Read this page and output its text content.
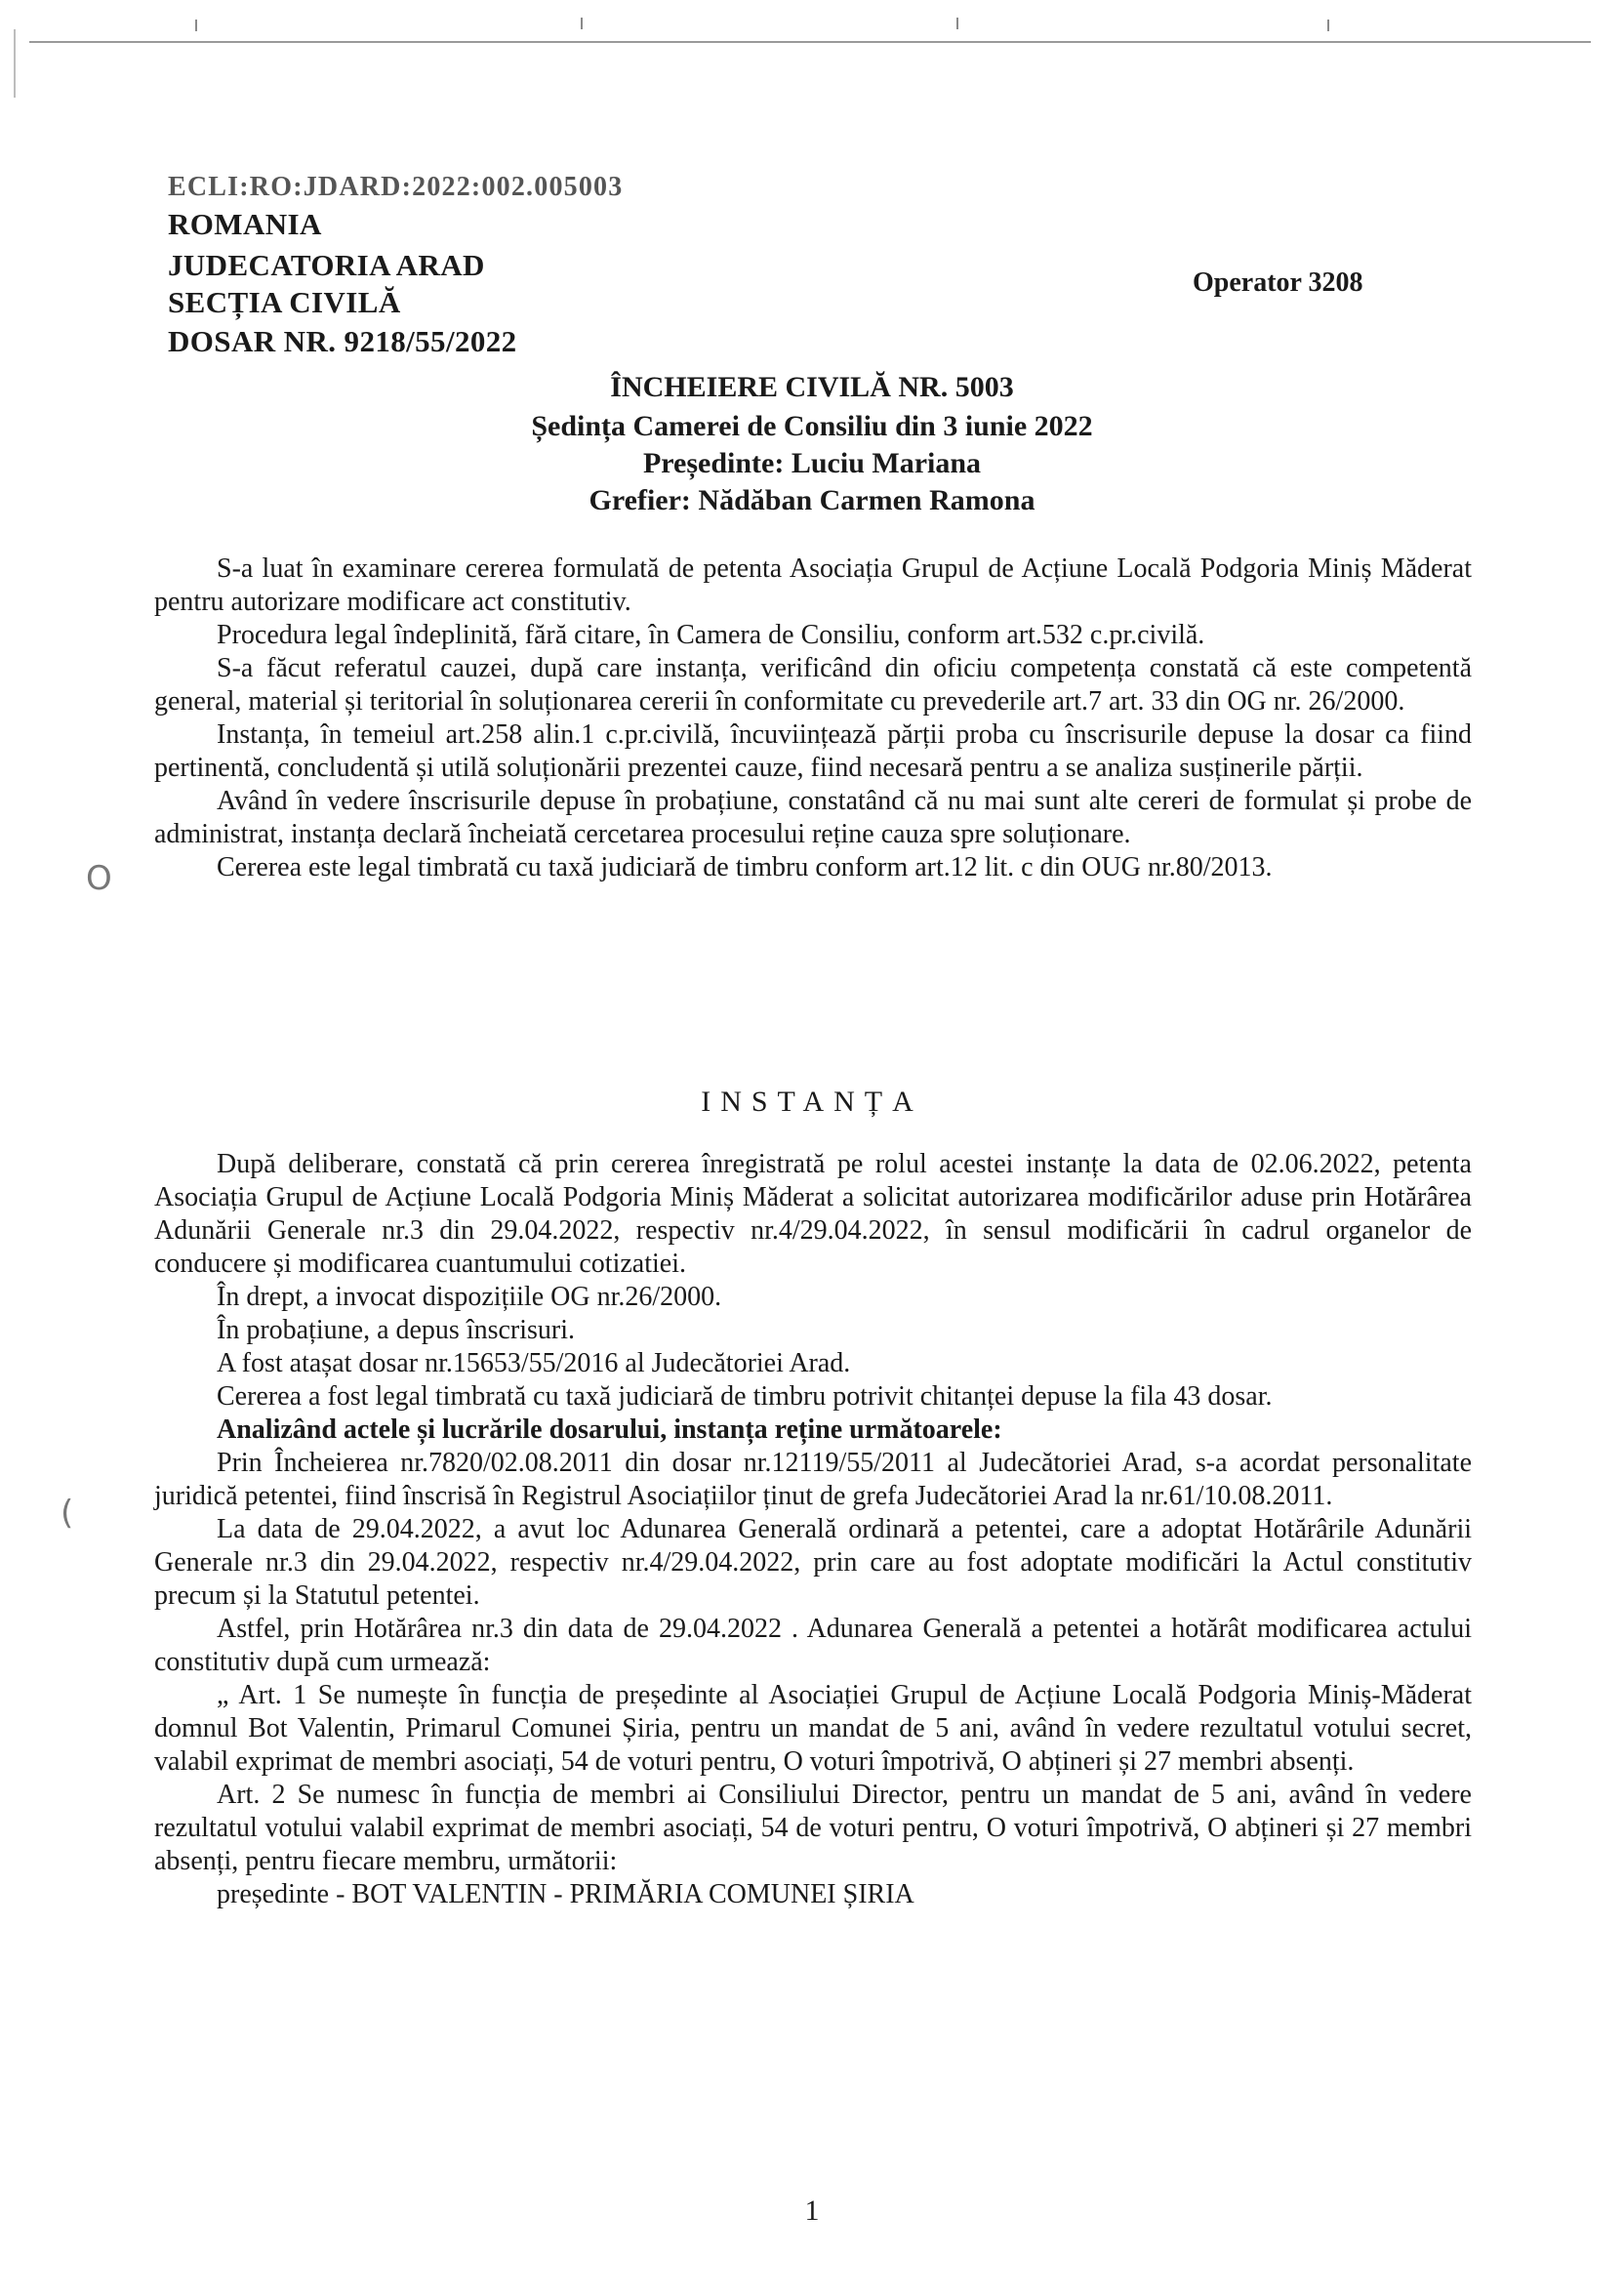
ECLI:RO:JDARD:2022:002.005003
ROMANIA
JUDECATORIA ARAD
SECȚIA CIVILĂ
DOSAR NR. 9218/55/2022
Operator 3208
ÎNCHEIERE CIVILĂ NR. 5003
Ședința Camerei de Consiliu din 3 iunie 2022
Președinte: Luciu Mariana
Grefier: Nădăban Carmen Ramona

S-a luat în examinare cererea formulată de petenta Asociația Grupul de Acțiune Locală Podgoria Miniș Măderat pentru autorizare modificare act constitutiv.

Procedura legal îndeplinită, fără citare, în Camera de Consiliu, conform art.532 c.pr.civilă.

S-a făcut referatul cauzei, după care instanța, verificând din oficiu competența constată că este competentă general, material și teritorial în soluționarea cererii în conformitate cu prevederile art.7 art. 33 din OG nr. 26/2000.

Instanța, în temeiul art.258 alin.1 c.pr.civilă, încuviințează părții proba cu înscrisurile depuse la dosar ca fiind pertinentă, concludentă și utilă soluționării prezentei cauze, fiind necesară pentru a se analiza susținerile părții.

Având în vedere înscrisurile depuse în probațiune, constatând că nu mai sunt alte cereri de formulat și probe de administrat, instanța declară încheiată cercetarea procesului reține cauza spre soluționare.

Cererea este legal timbrată cu taxă judiciară de timbru conform art.12 lit. c din OUG nr.80/2013.

O
INSTANȚA

După deliberare, constată că prin cererea înregistrată pe rolul acestei instanțe la data de 02.06.2022, petenta Asociația Grupul de Acțiune Locală Podgoria Miniș Măderat a solicitat autorizarea modificărilor aduse prin Hotărârea Adunării Generale nr.3 din 29.04.2022, respectiv nr.4/29.04.2022, în sensul modificării în cadrul organelor de conducere și modificarea cuantumului cotizatiei.

În drept, a invocat dispozițiile OG nr.26/2000.

În probațiune, a depus înscrisuri.

A fost atașat dosar nr.15653/55/2016 al Judecătoriei Arad.

Cererea a fost legal timbrată cu taxă judiciară de timbru potrivit chitanței depuse la fila 43 dosar.

Analizând actele și lucrările dosarului, instanța reține următoarele:

Prin Încheierea nr.7820/02.08.2011 din dosar nr.12119/55/2011 al Judecătoriei Arad, s-a acordat personalitate juridică petentei, fiind înscrisă în Registrul Asociațiilor ținut de grefa Judecătoriei Arad la nr.61/10.08.2011.

La data de 29.04.2022, a avut loc Adunarea Generală ordinară a petentei, care a adoptat Hotărârile Adunării Generale nr.3 din 29.04.2022, respectiv nr.4/29.04.2022, prin care au fost adoptate modificări la Actul constitutiv precum și la Statutul petentei.

Astfel, prin Hotărârea nr.3 din data de 29.04.2022 . Adunarea Generală a petentei a hotărât modificarea actului constitutiv după cum urmează:

„ Art. 1 Se numește în funcția de președinte al Asociației Grupul de Acțiune Locală Podgoria Miniș-Măderat domnul Bot Valentin, Primarul Comunei Șiria, pentru un mandat de 5 ani, având în vedere rezultatul votului secret, valabil exprimat de membri asociați, 54 de voturi pentru, O voturi împotrivă, O abțineri și 27 membri absenți.

Art. 2 Se numesc în funcția de membri ai Consiliului Director, pentru un mandat de 5 ani, având în vedere rezultatul votului valabil exprimat de membri asociați, 54 de voturi pentru, O voturi împotrivă, O abțineri și 27 membri absenți, pentru fiecare membru, următorii:

președinte - BOT VALENTIN - PRIMĂRIA COMUNEI ȘIRIA

(
1
